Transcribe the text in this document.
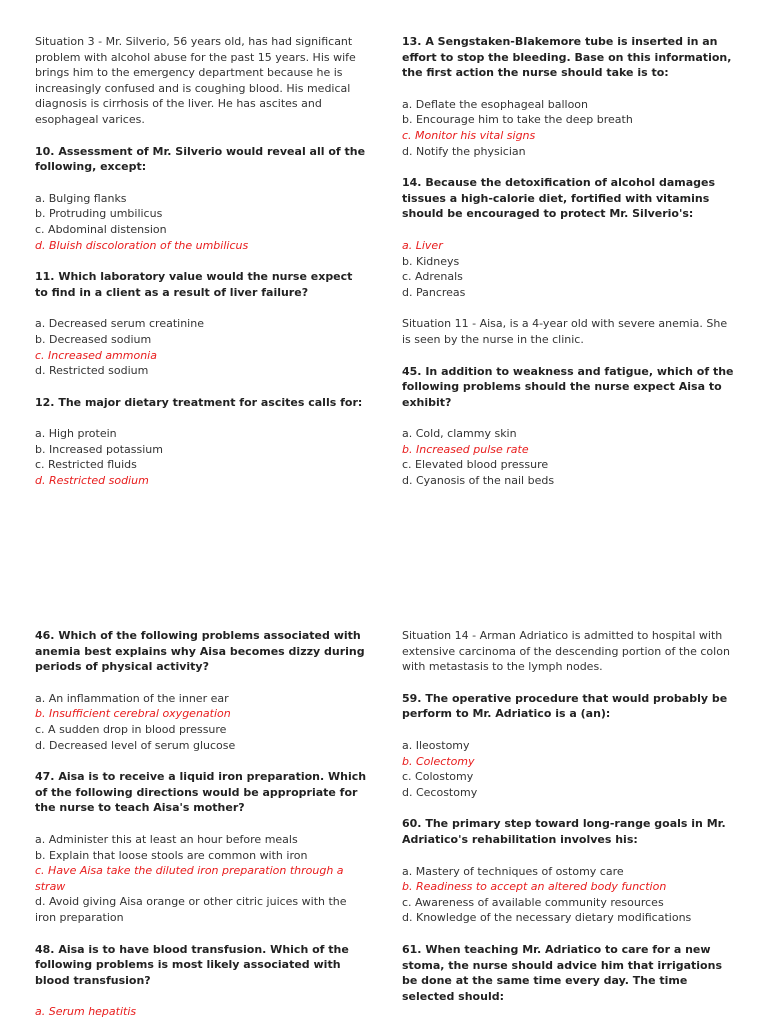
Situation 3 - Mr. Silverio, 56 years old, has had significant problem with alcohol abuse for the past 15 years. His wife brings him to the emergency department because he is increasingly confused and is coughing blood. His medical diagnosis is cirrhosis of the liver. He has ascites and esophageal varices.
10. Assessment of Mr. Silverio would reveal all of the following, except:
a. Bulging flanks
b. Protruding umbilicus
c. Abdominal distension
d. Bluish discoloration of the umbilicus
11. Which laboratory value would the nurse expect to find in a client as a result of liver failure?
a. Decreased serum creatinine
b. Decreased sodium
c. Increased ammonia
d. Restricted sodium
12. The major dietary treatment for ascites calls for:
a. High protein
b. Increased potassium
c. Restricted fluids
d. Restricted sodium
13. A Sengstaken-BIakemore tube is inserted in an effort to stop the bleeding. Base on this information, the first action the nurse should take is to:
a. Deflate the esophageal balloon
b. Encourage him to take the deep breath
c. Monitor his vital signs
d. Notify the physician
14. Because the detoxification of alcohol damages tissues a high-calorie diet, fortified with vitamins should be encouraged to protect Mr. Silverio's:
a. Liver
b. Kidneys
c. Adrenals
d. Pancreas
Situation 11 - Aisa, is a 4-year old with severe anemia. She is seen by the nurse in the clinic.
45. In addition to weakness and fatigue, which of the following problems should the nurse expect Aisa to exhibit?
a. Cold, clammy skin
b. Increased pulse rate
c. Elevated blood pressure
d. Cyanosis of the nail beds
46. Which of the following problems associated with anemia best explains why Aisa becomes dizzy during periods of physical activity?
a. An inflammation of the inner ear
b. Insufficient cerebral oxygenation
c. A sudden drop in blood pressure
d. Decreased level of serum glucose
47. Aisa is to receive a liquid iron preparation. Which of the following directions would be appropriate for the nurse to teach Aisa's mother?
a. Administer this at least an hour before meals
b. Explain that loose stools are common with iron
c. Have Aisa take the diluted iron preparation through a straw
d. Avoid giving Aisa orange or other citric juices with the iron preparation
48. Aisa is to have blood transfusion. Which of the following problems is most likely associated with blood transfusion?
a. Serum hepatitis
Situation 14 - Arman Adriatico is admitted to hospital with extensive carcinoma of the descending portion of the colon with metastasis to the lymph nodes.
59. The operative procedure that would probably be perform to Mr. Adriatico is a (an):
a. Ileostomy
b. Colectomy
c. Colostomy
d. Cecostomy
60. The primary step toward long-range goals in Mr. Adriatico's rehabilitation involves his:
a. Mastery of techniques of ostomy care
b. Readiness to accept an altered body function
c. Awareness of available community resources
d. Knowledge of the necessary dietary modifications
61. When teaching Mr. Adriatico to care for a new stoma, the nurse should advice him that irrigations be done at the same time every day. The time selected should:
